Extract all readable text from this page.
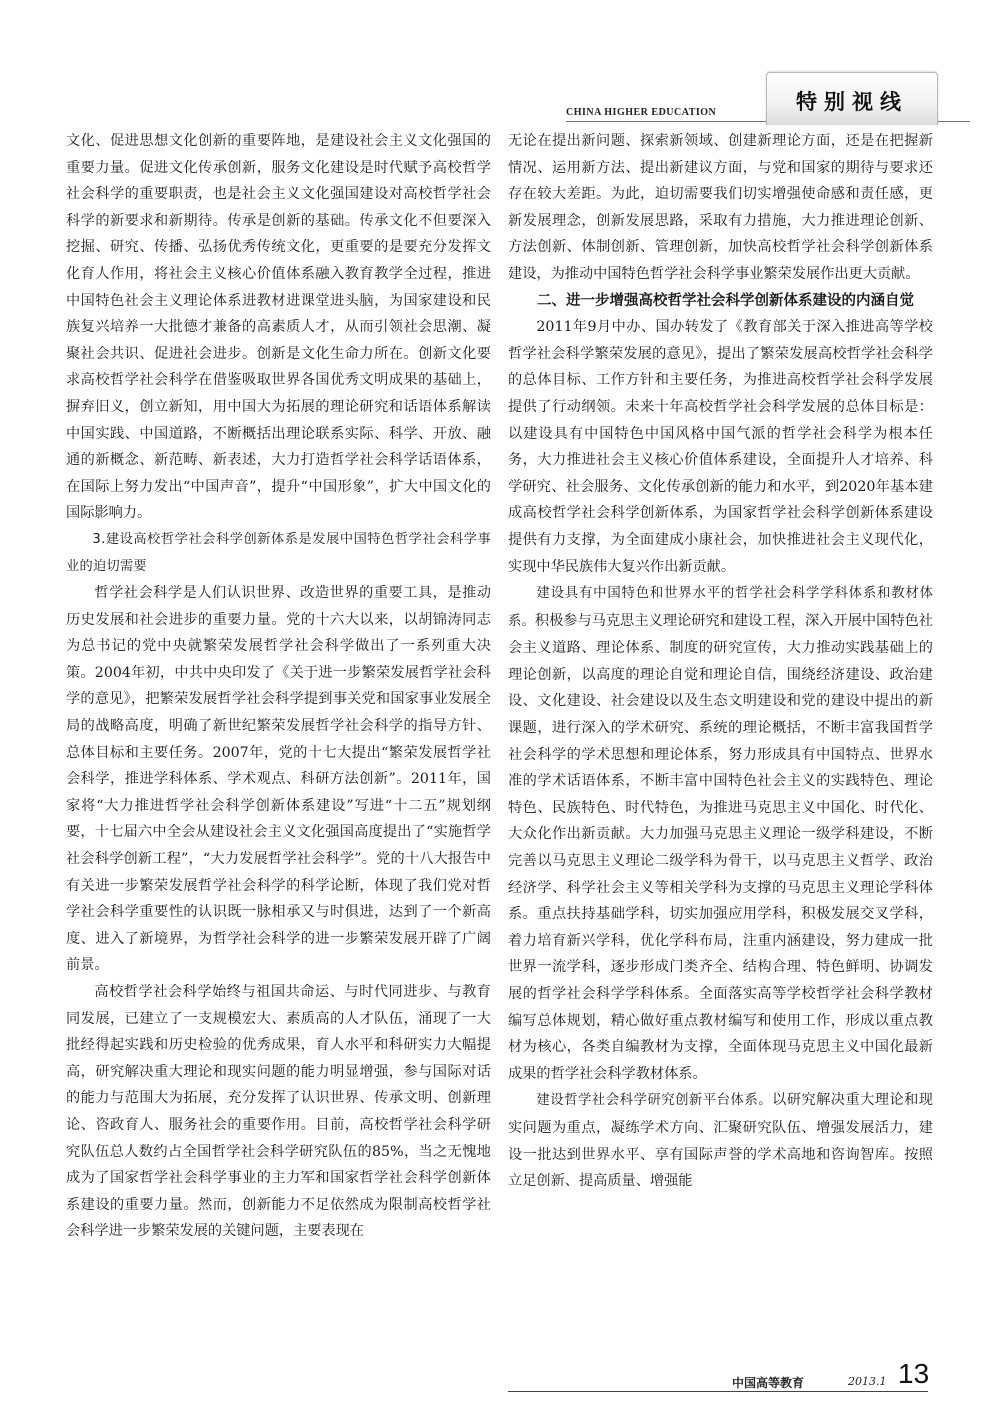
CHINA HIGHER EDUCATION	特别视线

文化、促进思想文化创新的重要阵地，是建设社会主义文化强国的重要力量。促进文化传承创新，服务文化建设是时代赋予高校哲学社会科学的重要职责，也是社会主义文化强国建设对高校哲学社会科学的新要求和新期待。传承是创新的基础。传承文化不但要深入挖掘、研究、传播、弘扬优秀传统文化，更重要的是要充分发挥文化育人作用，将社会主义核心价值体系融入教育教学全过程，推进中国特色社会主义理论体系进教材进课堂进头脑，为国家建设和民族复兴培养一大批德才兼备的高素质人才，从而引领社会思潮、凝聚社会共识、促进社会进步。创新是文化生命力所在。创新文化要求高校哲学社会科学在借鉴吸取世界各国优秀文明成果的基础上，摒弃旧义，创立新知，用中国大为拓展的理论研究和话语体系解读中国实践、中国道路，不断概括出理论联系实际、科学、开放、融通的新概念、新范畴、新表述，大力打造哲学社会科学话语体系，在国际上努力发出“中国声音”，提升“中国形象”，扩大中国文化的国际影响力。

3.建设高校哲学社会科学创新体系是发展中国特色哲学社会科学事业的迫切需要

哲学社会科学是人们认识世界、改造世界的重要工具，是推动历史发展和社会进步的重要力量。党的十六大以来，以胡锦涛同志为总书记的党中央就繁荣发展哲学社会科学做出了一系列重大决策。2004年初，中共中央印发了《关于进一步繁荣发展哲学社会科学的意见》，把繁荣发展哲学社会科学提到事关党和国家事业发展全局的战略高度，明确了新世纪繁荣发展哲学社会科学的指导方针、总体目标和主要任务。2007年，党的十七大提出“繁荣发展哲学社会科学，推进学科体系、学术观点、科研方法创新”。2011年，国家将“大力推进哲学社会科学创新体系建设”写进“十二五”规划纲要，十七届六中全会从建设社会主义文化强国高度提出了“实施哲学社会科学创新工程”，“大力发展哲学社会科学”。党的十八大报告中有关进一步繁荣发展哲学社会科学的科学论断，体现了我们党对哲学社会科学重要性的认识既一脉相承又与时俱进，达到了一个新高度、进入了新境界，为哲学社会科学的进一步繁荣发展开辟了广阔前景。

高校哲学社会科学始终与祖国共命运、与时代同进步、与教育同发展，已建立了一支规模宏大、素质高的人才队伍，涌现了一大批经得起实践和历史检验的优秀成果，育人水平和科研实力大幅提高，研究解决重大理论和现实问题的能力明显增强，参与国际对话的能力与范围大为拓展，充分发挥了认识世界、传承文明、创新理论、咨政育人、服务社会的重要作用。目前，高校哲学社会科学研究队伍总人数约占全国哲学社会科学研究队伍的85%，当之无愧地成为了国家哲学社会科学事业的主力军和国家哲学社会科学创新体系建设的重要力量。然而，创新能力不足依然成为限制高校哲学社会科学进一步繁荣发展的关键问题，主要表现在

无论在提出新问题、探索新领域、创建新理论方面，还是在把握新情况、运用新方法、提出新建议方面，与党和国家的期待与要求还存在较大差距。为此，迫切需要我们切实增强使命感和责任感，更新发展理念，创新发展思路，采取有力措施，大力推进理论创新、方法创新、体制创新、管理创新，加快高校哲学社会科学创新体系建设，为推动中国特色哲学社会科学事业繁荣发展作出更大贡献。

二、进一步增强高校哲学社会科学创新体系建设的内涵自觉

2011年9月中办、国办转发了《教育部关于深入推进高等学校哲学社会科学繁荣发展的意见》，提出了繁荣发展高校哲学社会科学的总体目标、工作方针和主要任务，为推进高校哲学社会科学发展提供了行动纲领。未来十年高校哲学社会科学发展的总体目标是：以建设具有中国特色中国风格中国气派的哲学社会科学为根本任务，大力推进社会主义核心价值体系建设，全面提升人才培养、科学研究、社会服务、文化传承创新的能力和水平，到2020年基本建成高校哲学社会科学创新体系，为国家哲学社会科学创新体系建设提供有力支撑，为全面建成小康社会，加快推进社会主义现代化，实现中华民族伟大复兴作出新贡献。

建设具有中国特色和世界水平的哲学社会科学学科体系和教材体系。积极参与马克思主义理论研究和建设工程，深入开展中国特色社会主义道路、理论体系、制度的研究宣传，大力推动实践基础上的理论创新，以高度的理论自觉和理论自信，围绕经济建设、政治建设、文化建设、社会建设以及生态文明建设和党的建设中提出的新课题，进行深入的学术研究、系统的理论概括，不断丰富我国哲学社会科学的学术思想和理论体系，努力形成具有中国特点、世界水准的学术话语体系，不断丰富中国特色社会主义的实践特色、理论特色、民族特色、时代特色，为推进马克思主义中国化、时代化、大众化作出新贡献。大力加强马克思主义理论一级学科建设，不断完善以马克思主义理论二级学科为骨干，以马克思主义哲学、政治经济学、科学社会主义等相关学科为支撑的马克思主义理论学科体系。重点扶持基础学科，切实加强应用学科，积极发展交叉学科，着力培育新兴学科，优化学科布局，注重内涵建设，努力建成一批世界一流学科，逐步形成门类齐全、结构合理、特色鲜明、协调发展的哲学社会科学学科体系。全面落实高等学校哲学社会科学教材编写总体规划，精心做好重点教材编写和使用工作，形成以重点教材为核心，各类自编教材为支撑，全面体现马克思主义中国化最新成果的哲学社会科学教材体系。

建设哲学社会科学研究创新平台体系。以研究解决重大理论和现实问题为重点，凝练学术方向、汇聚研究队伍、增强发展活力，建设一批达到世界水平、享有国际声誉的学术高地和咨询智库。按照立足创新、提高质量、增强能

中国高等教育	2013.1 13
